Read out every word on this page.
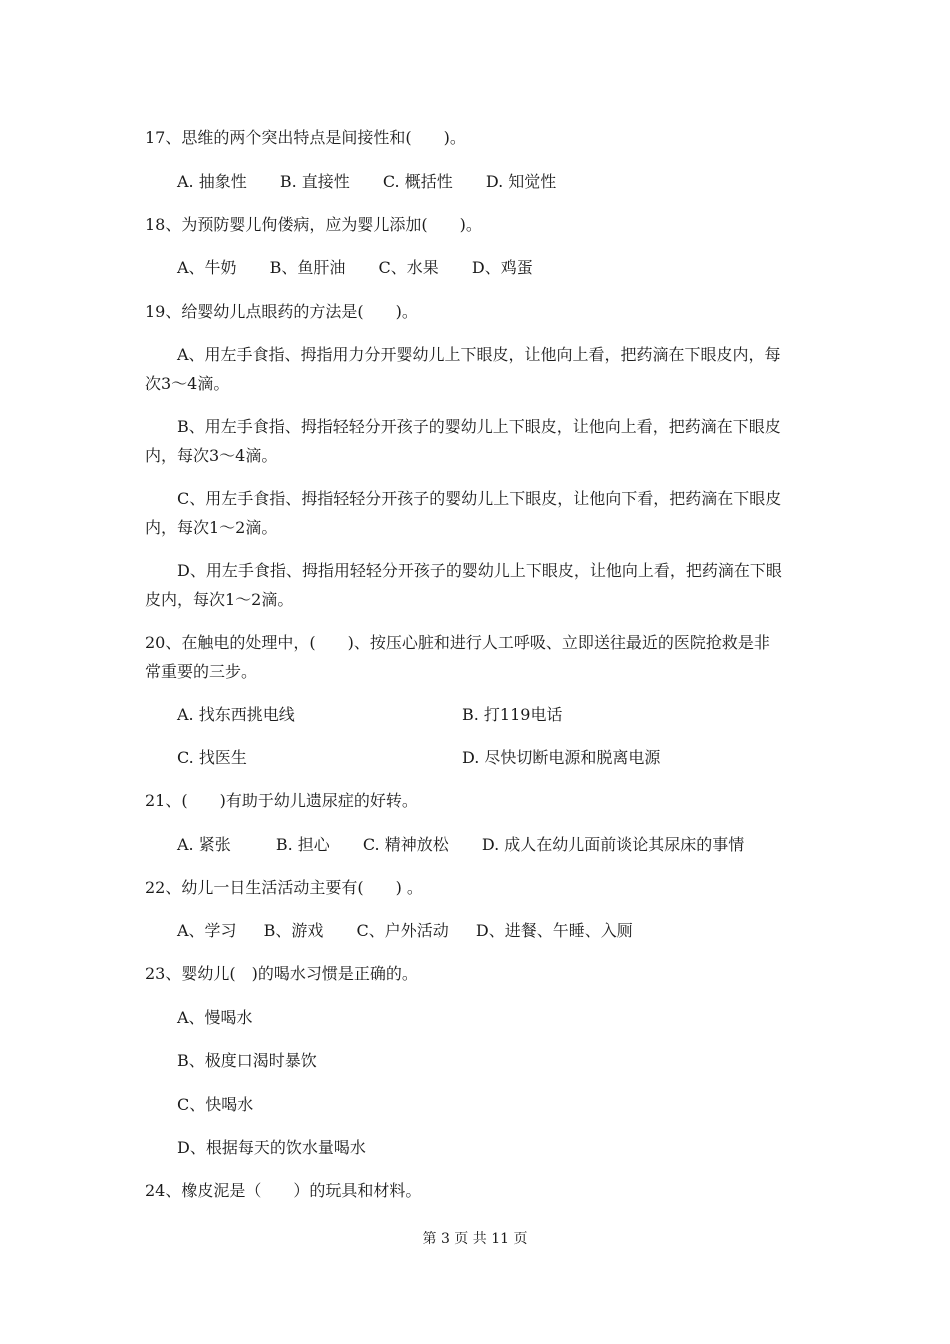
17、思维的两个突出特点是间接性和(　　)。
A. 抽象性 B. 直接性 C. 概括性 D. 知觉性
18、为预防婴儿佝偻病，应为婴儿添加(　　)。
A、牛奶 B、鱼肝油 C、水果 D、鸡蛋
19、给婴幼儿点眼药的方法是(　　)。
A、用左手食指、拇指用力分开婴幼儿上下眼皮，让他向上看，把药滴在下眼皮内，每
次3～4滴。
B、用左手食指、拇指轻轻分开孩子的婴幼儿上下眼皮，让他向上看，把药滴在下眼皮
内，每次3～4滴。
C、用左手食指、拇指轻轻分开孩子的婴幼儿上下眼皮，让他向下看，把药滴在下眼皮
内，每次1～2滴。
D、用左手食指、拇指用轻轻分开孩子的婴幼儿上下眼皮，让他向上看，把药滴在下眼
皮内，每次1～2滴。
20、在触电的处理中，(　　)、按压心脏和进行人工呼吸、立即送往最近的医院抢救是非
常重要的三步。
A. 找东西挑电线	B. 打119电话
C. 找医生	D. 尽快切断电源和脱离电源
21、(　　)有助于幼儿遗尿症的好转。
A. 紧张	B. 担心 C. 精神放松 D. 成人在幼儿面前谈论其尿床的事情
22、幼儿一日生活活动主要有(　　) 。
A、学习 B、游戏 C、户外活动 D、进餐、午睡、入厕
23、婴幼儿(　)的喝水习惯是正确的。
A、慢喝水
B、极度口渴时暴饮
C、快喝水
D、根据每天的饮水量喝水
24、橡皮泥是（　　）的玩具和材料。
第 3 页 共 11 页
